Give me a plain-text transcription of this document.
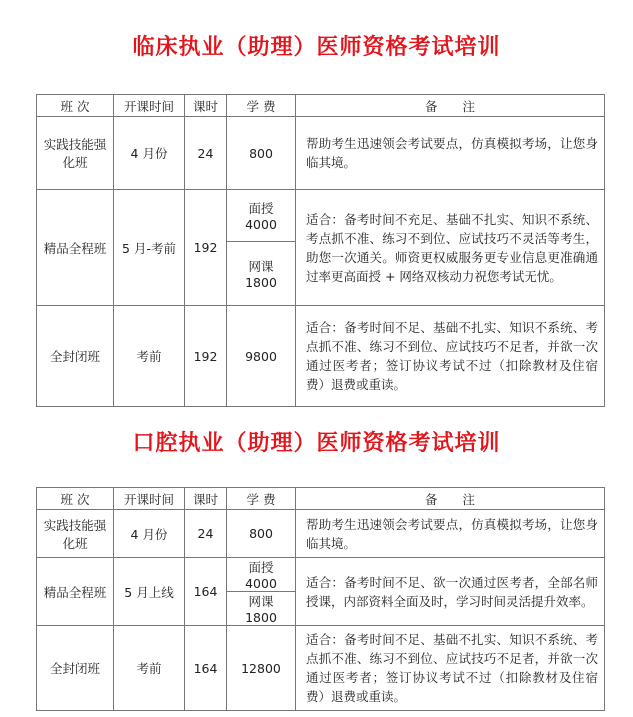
临床执业（助理）医师资格考试培训
班 次	开课时间	课时	学 费	备　　注
实践技能强化班	4 月份	24	800	帮助考生迅速领会考试要点，仿真模拟考场，让您身临其境。
精品全程班	5 月-考前	192	面授 4000	适合：备考时间不充足、基础不扎实、知识不系统、考点抓不准、练习不到位、应试技巧不灵活等考生，助您一次通关。师资更权威服务更专业信息更准确通过率更高面授 + 网络双核动力祝您考试无忧。
			网课 1800	
全封闭班	考前	192	9800	适合：备考时间不足、基础不扎实、知识不系统、考点抓不准、练习不到位、应试技巧不足者，并欲一次通过医考者；签订协议考试不过（扣除教材及住宿费）退费或重读。
口腔执业（助理）医师资格考试培训
班 次	开课时间	课时	学 费	备　　注
实践技能强化班	4 月份	24	800	帮助考生迅速领会考试要点，仿真模拟考场，让您身临其境。
精品全程班	5 月上线	164	面授 4000	适合：备考时间不足、欲一次通过医考者，全部名师授课，内部资料全面及时，学习时间灵活提升效率。
			网课 1800	
全封闭班	考前	164	12800	适合：备考时间不足、基础不扎实、知识不系统、考点抓不准、练习不到位、应试技巧不足者，并欲一次通过医考者；签订协议考试不过（扣除教材及住宿费）退费或重读。
